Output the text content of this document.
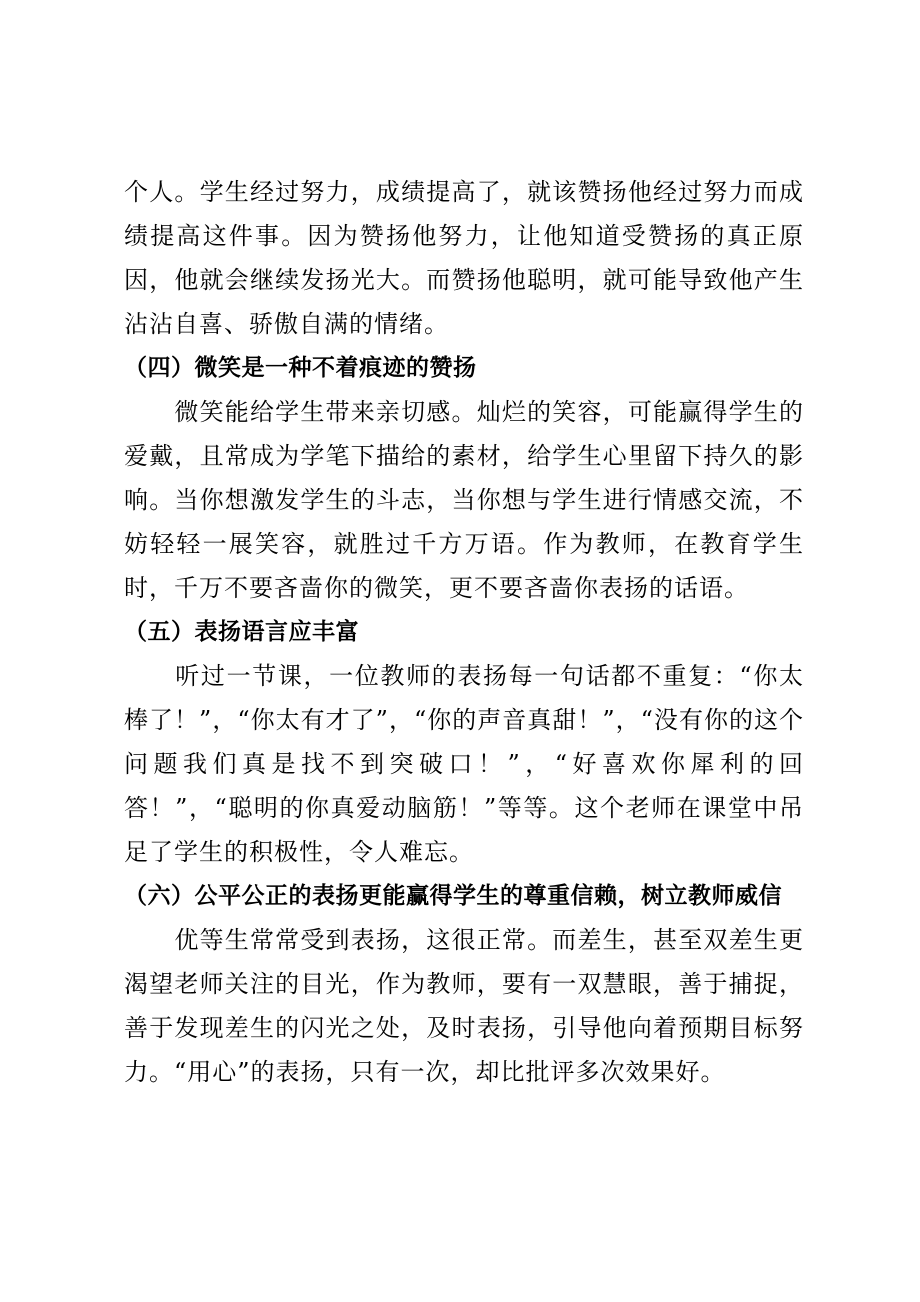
个人。学生经过努力，成绩提高了，就该赞扬他经过努力而成绩提高这件事。因为赞扬他努力，让他知道受赞扬的真正原因，他就会继续发扬光大。而赞扬他聪明，就可能导致他产生沾沾自喜、骄傲自满的情绪。

（四）微笑是一种不着痕迹的赞扬

　　微笑能给学生带来亲切感。灿烂的笑容，可能赢得学生的爱戴，且常成为学笔下描给的素材，给学生心里留下持久的影响。当你想激发学生的斗志，当你想与学生进行情感交流，不妨轻轻一展笑容，就胜过千方万语。作为教师，在教育学生时，千万不要吝啬你的微笑，更不要吝啬你表扬的话语。

（五）表扬语言应丰富

　　听过一节课，一位教师的表扬每一句话都不重复：“你太棒了！”，“你太有才了”，“你的声音真甜！”，“没有你的这个问题我们真是找不到突破口！”，“好喜欢你犀利的回答！”，“聪明的你真爱动脑筋！”等等。这个老师在课堂中吊足了学生的积极性，令人难忘。

（六）公平公正的表扬更能赢得学生的尊重信赖，树立教师威信

　　优等生常常受到表扬，这很正常。而差生，甚至双差生更渴望老师关注的目光，作为教师，要有一双慧眼，善于捕捉，善于发现差生的闪光之处，及时表扬，引导他向着预期目标努力。“用心”的表扬，只有一次，却比批评多次效果好。
